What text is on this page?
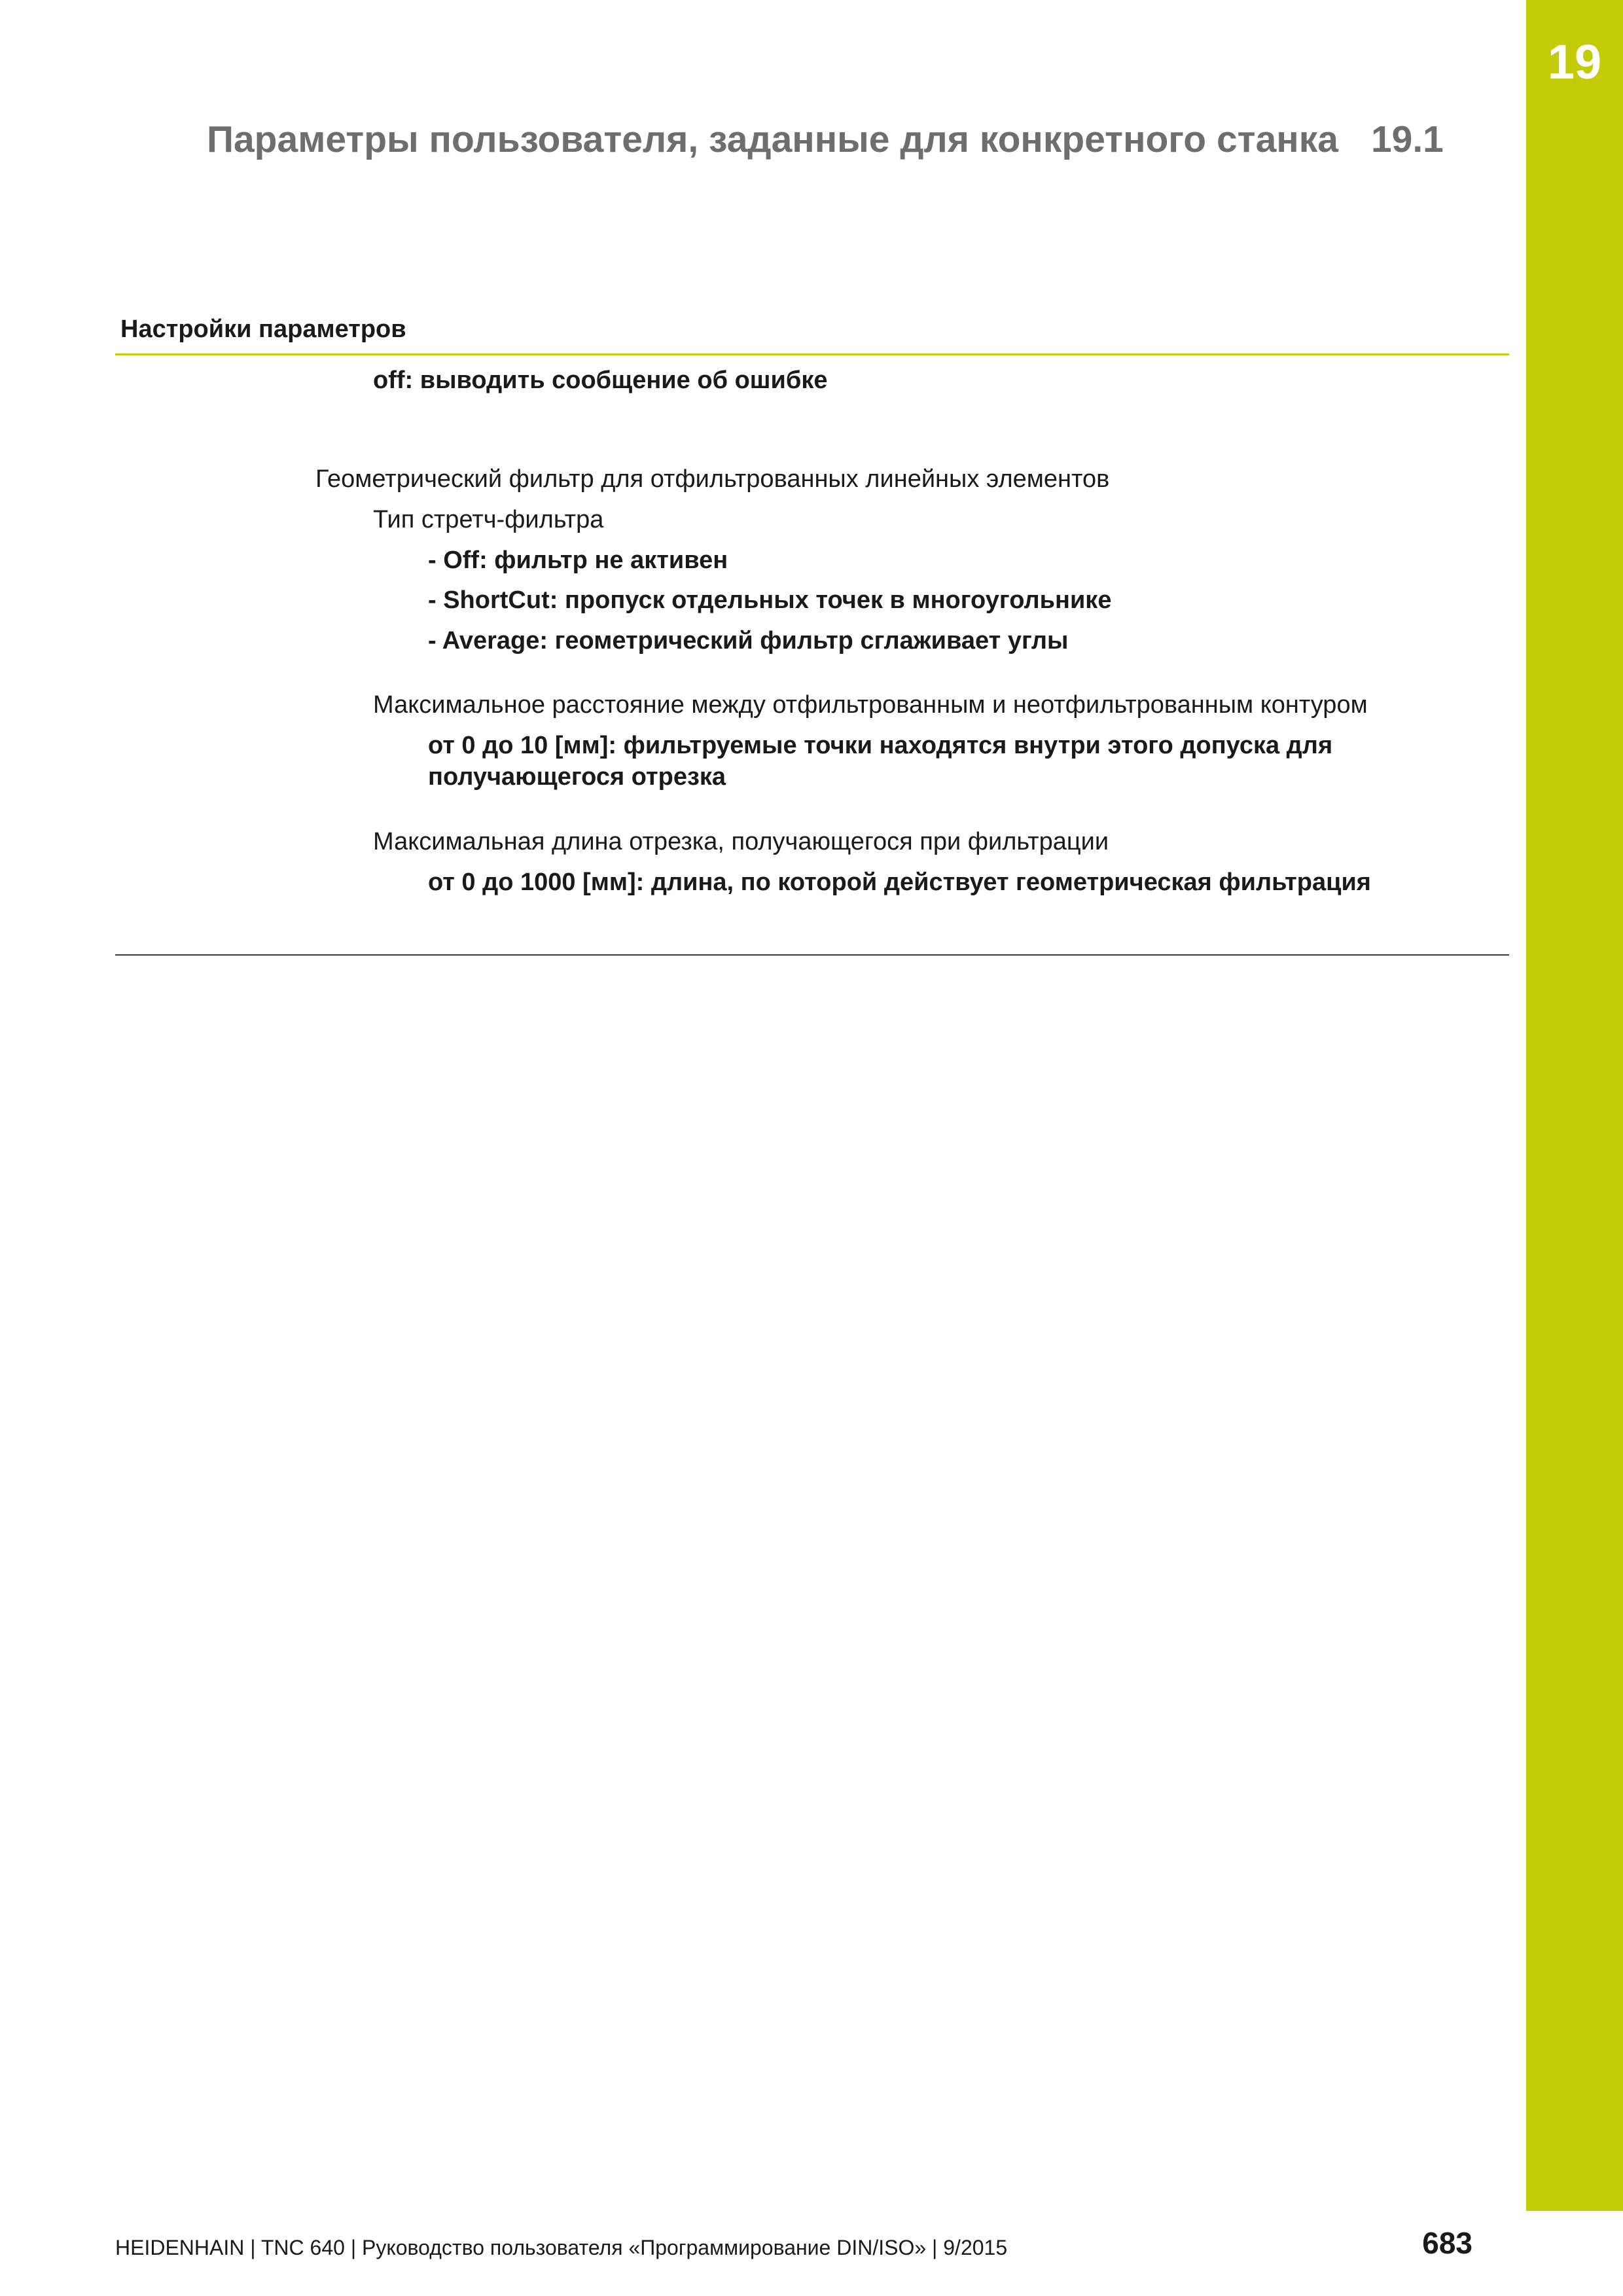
19
Параметры пользователя, заданные для конкретного станка 19.1
Настройки параметров
off: выводить сообщение об ошибке
Геометрический фильтр для отфильтрованных линейных элементов
Тип стретч-фильтра
- Off: фильтр не активен
- ShortCut: пропуск отдельных точек в многоугольнике
- Average: геометрический фильтр сглаживает углы
Максимальное расстояние между отфильтрованным и неотфильтрованным контуром
от 0 до 10 [мм]: фильтруемые точки находятся внутри этого допуска для получающегося отрезка
Максимальная длина отрезка, получающегося при фильтрации
от 0 до 1000 [мм]: длина, по которой действует геометрическая фильтрация
HEIDENHAIN | TNC 640 | Руководство пользователя «Программирование DIN/ISO» | 9/2015	683
